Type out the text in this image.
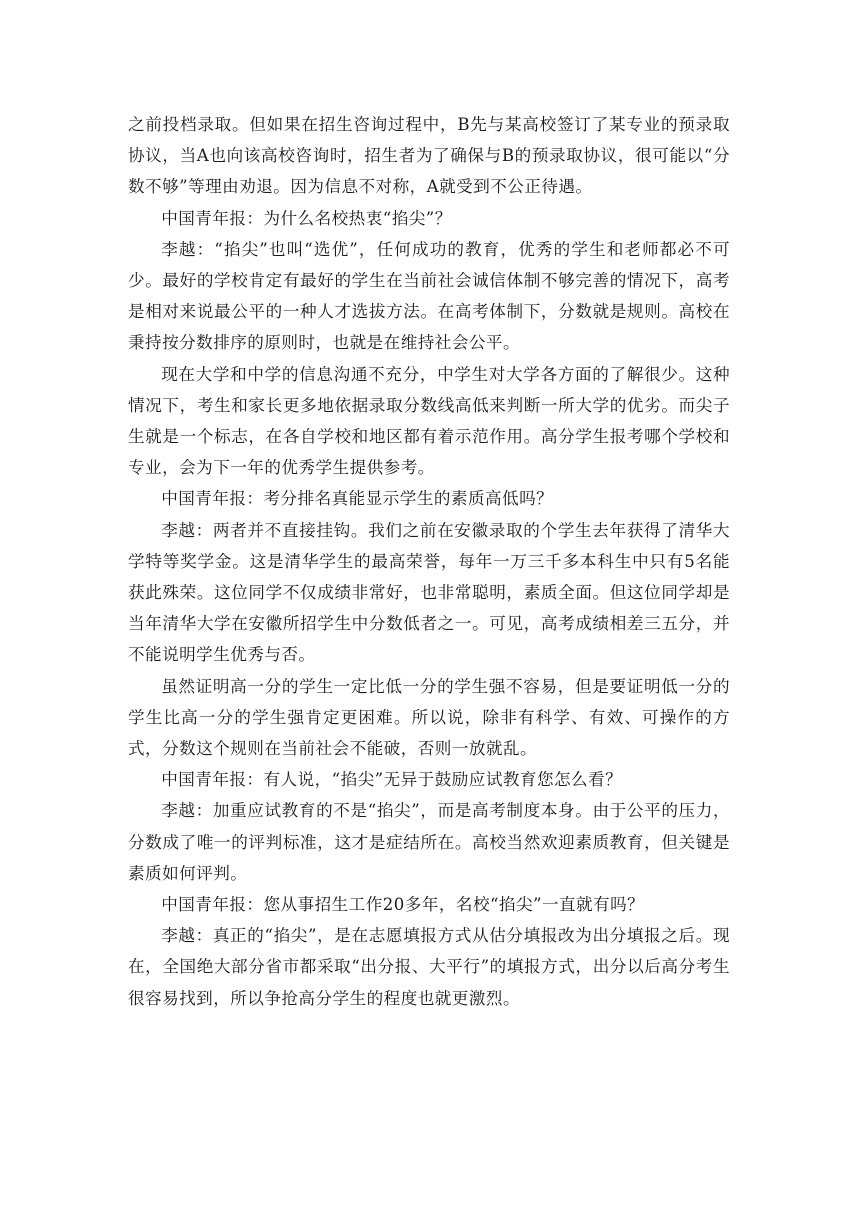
之前投档录取。但如果在招生咨询过程中，B先与某高校签订了某专业的预录取协议，当A也向该高校咨询时，招生者为了确保与B的预录取协议，很可能以“分数不够”等理由劝退。因为信息不对称，A就受到不公正待遇。

中国青年报：为什么名校热衷“掐尖”？

李越：“掐尖”也叫“选优”，任何成功的教育，优秀的学生和老师都必不可少。最好的学校肯定有最好的学生在当前社会诚信体制不够完善的情况下，高考是相对来说最公平的一种人才选拔方法。在高考体制下，分数就是规则。高校在秉持按分数排序的原则时，也就是在维持社会公平。

现在大学和中学的信息沟通不充分，中学生对大学各方面的了解很少。这种情况下，考生和家长更多地依据录取分数线高低来判断一所大学的优劣。而尖子生就是一个标志，在各自学校和地区都有着示范作用。高分学生报考哪个学校和专业，会为下一年的优秀学生提供参考。

中国青年报：考分排名真能显示学生的素质高低吗？

李越：两者并不直接挂钩。我们之前在安徽录取的个学生去年获得了清华大学特等奖学金。这是清华学生的最高荣誉，每年一万三千多本科生中只有5名能获此殊荣。这位同学不仅成绩非常好，也非常聪明，素质全面。但这位同学却是当年清华大学在安徽所招学生中分数低者之一。可见，高考成绩相差三五分，并不能说明学生优秀与否。

虽然证明高一分的学生一定比低一分的学生强不容易，但是要证明低一分的学生比高一分的学生强肯定更困难。所以说，除非有科学、有效、可操作的方式，分数这个规则在当前社会不能破，否则一放就乱。

中国青年报：有人说，“掐尖”无异于鼓励应试教育您怎么看？

李越：加重应试教育的不是“掐尖”，而是高考制度本身。由于公平的压力，分数成了唯一的评判标准，这才是症结所在。高校当然欢迎素质教育，但关键是素质如何评判。

中国青年报：您从事招生工作20多年，名校“掐尖”一直就有吗？

李越：真正的“掐尖”，是在志愿填报方式从估分填报改为出分填报之后。现在，全国绝大部分省市都采取“出分报、大平行”的填报方式，出分以后高分考生很容易找到，所以争抢高分学生的程度也就更激烈。
